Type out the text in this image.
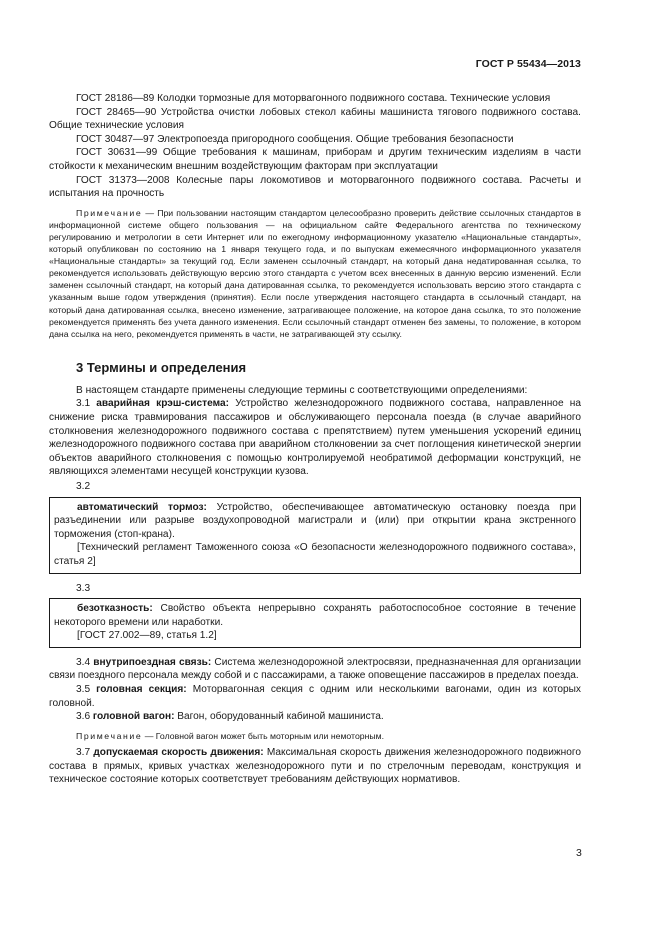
ГОСТ Р 55434—2013

ГОСТ 28186—89 Колодки тормозные для моторвагонного подвижного состава. Технические условия

ГОСТ 28465—90 Устройства очистки лобовых стекол кабины машиниста тягового подвижного состава. Общие технические условия

ГОСТ 30487—97 Электропоезда пригородного сообщения. Общие требования безопасности

ГОСТ 30631—99 Общие требования к машинам, приборам и другим техническим изделиям в части стойкости к механическим внешним воздействующим факторам при эксплуатации

ГОСТ 31373—2008 Колесные пары локомотивов и моторвагонного подвижного состава. Расчеты и испытания на прочность

Примечание — При пользовании настоящим стандартом целесообразно проверить действие ссылочных стандартов в информационной системе общего пользования — на официальном сайте Федерального агентства по техническому регулированию и метрологии в сети Интернет или по ежегодному информационному указателю «Национальные стандарты», который опубликован по состоянию на 1 января текущего года, и по выпускам ежемесячного информационного указателя «Национальные стандарты» за текущий год. Если заменен ссылочный стандарт, на который дана недатированная ссылка, то рекомендуется использовать действующую версию этого стандарта с учетом всех внесенных в данную версию изменений. Если заменен ссылочный стандарт, на который дана датированная ссылка, то рекомендуется использовать версию этого стандарта с указанным выше годом утверждения (принятия). Если после утверждения настоящего стандарта в ссылочный стандарт, на который дана датированная ссылка, внесено изменение, затрагивающее положение, на которое дана ссылка, то это положение рекомендуется применять без учета данного изменения. Если ссылочный стандарт отменен без замены, то положение, в котором дана ссылка на него, рекомендуется применять в части, не затрагивающей эту ссылку.

3 Термины и определения

В настоящем стандарте применены следующие термины с соответствующими определениями:

3.1 аварийная крэш-система: Устройство железнодорожного подвижного состава, направленное на снижение риска травмирования пассажиров и обслуживающего персонала поезда (в случае аварийного столкновения железнодорожного подвижного состава с препятствием) путем уменьшения ускорений единиц железнодорожного подвижного состава при аварийном столкновении за счет поглощения кинетической энергии объектов аварийного столкновения с помощью контролируемой необратимой деформации конструкций, не являющихся элементами несущей конструкции кузова.

3.2

автоматический тормоз: Устройство, обеспечивающее автоматическую остановку поезда при разъединении или разрыве воздухопроводной магистрали и (или) при открытии крана экстренного торможения (стоп-крана).

[Технический регламент Таможенного союза «О безопасности железнодорожного подвижного состава», статья 2]

3.3

безотказность: Свойство объекта непрерывно сохранять работоспособное состояние в течение некоторого времени или наработки.

[ГОСТ 27.002—89, статья 1.2]

3.4 внутрипоездная связь: Система железнодорожной электросвязи, предназначенная для организации связи поездного персонала между собой и с пассажирами, а также оповещение пассажиров в пределах поезда.

3.5 головная секция: Моторвагонная секция с одним или несколькими вагонами, один из которых головной.

3.6 головной вагон: Вагон, оборудованный кабиной машиниста.

Примечание — Головной вагон может быть моторным или немоторным.

3.7 допускаемая скорость движения: Максимальная скорость движения железнодорожного подвижного состава в прямых, кривых участках железнодорожного пути и по стрелочным переводам, конструкция и техническое состояние которых соответствует требованиям действующих нормативов.

3
